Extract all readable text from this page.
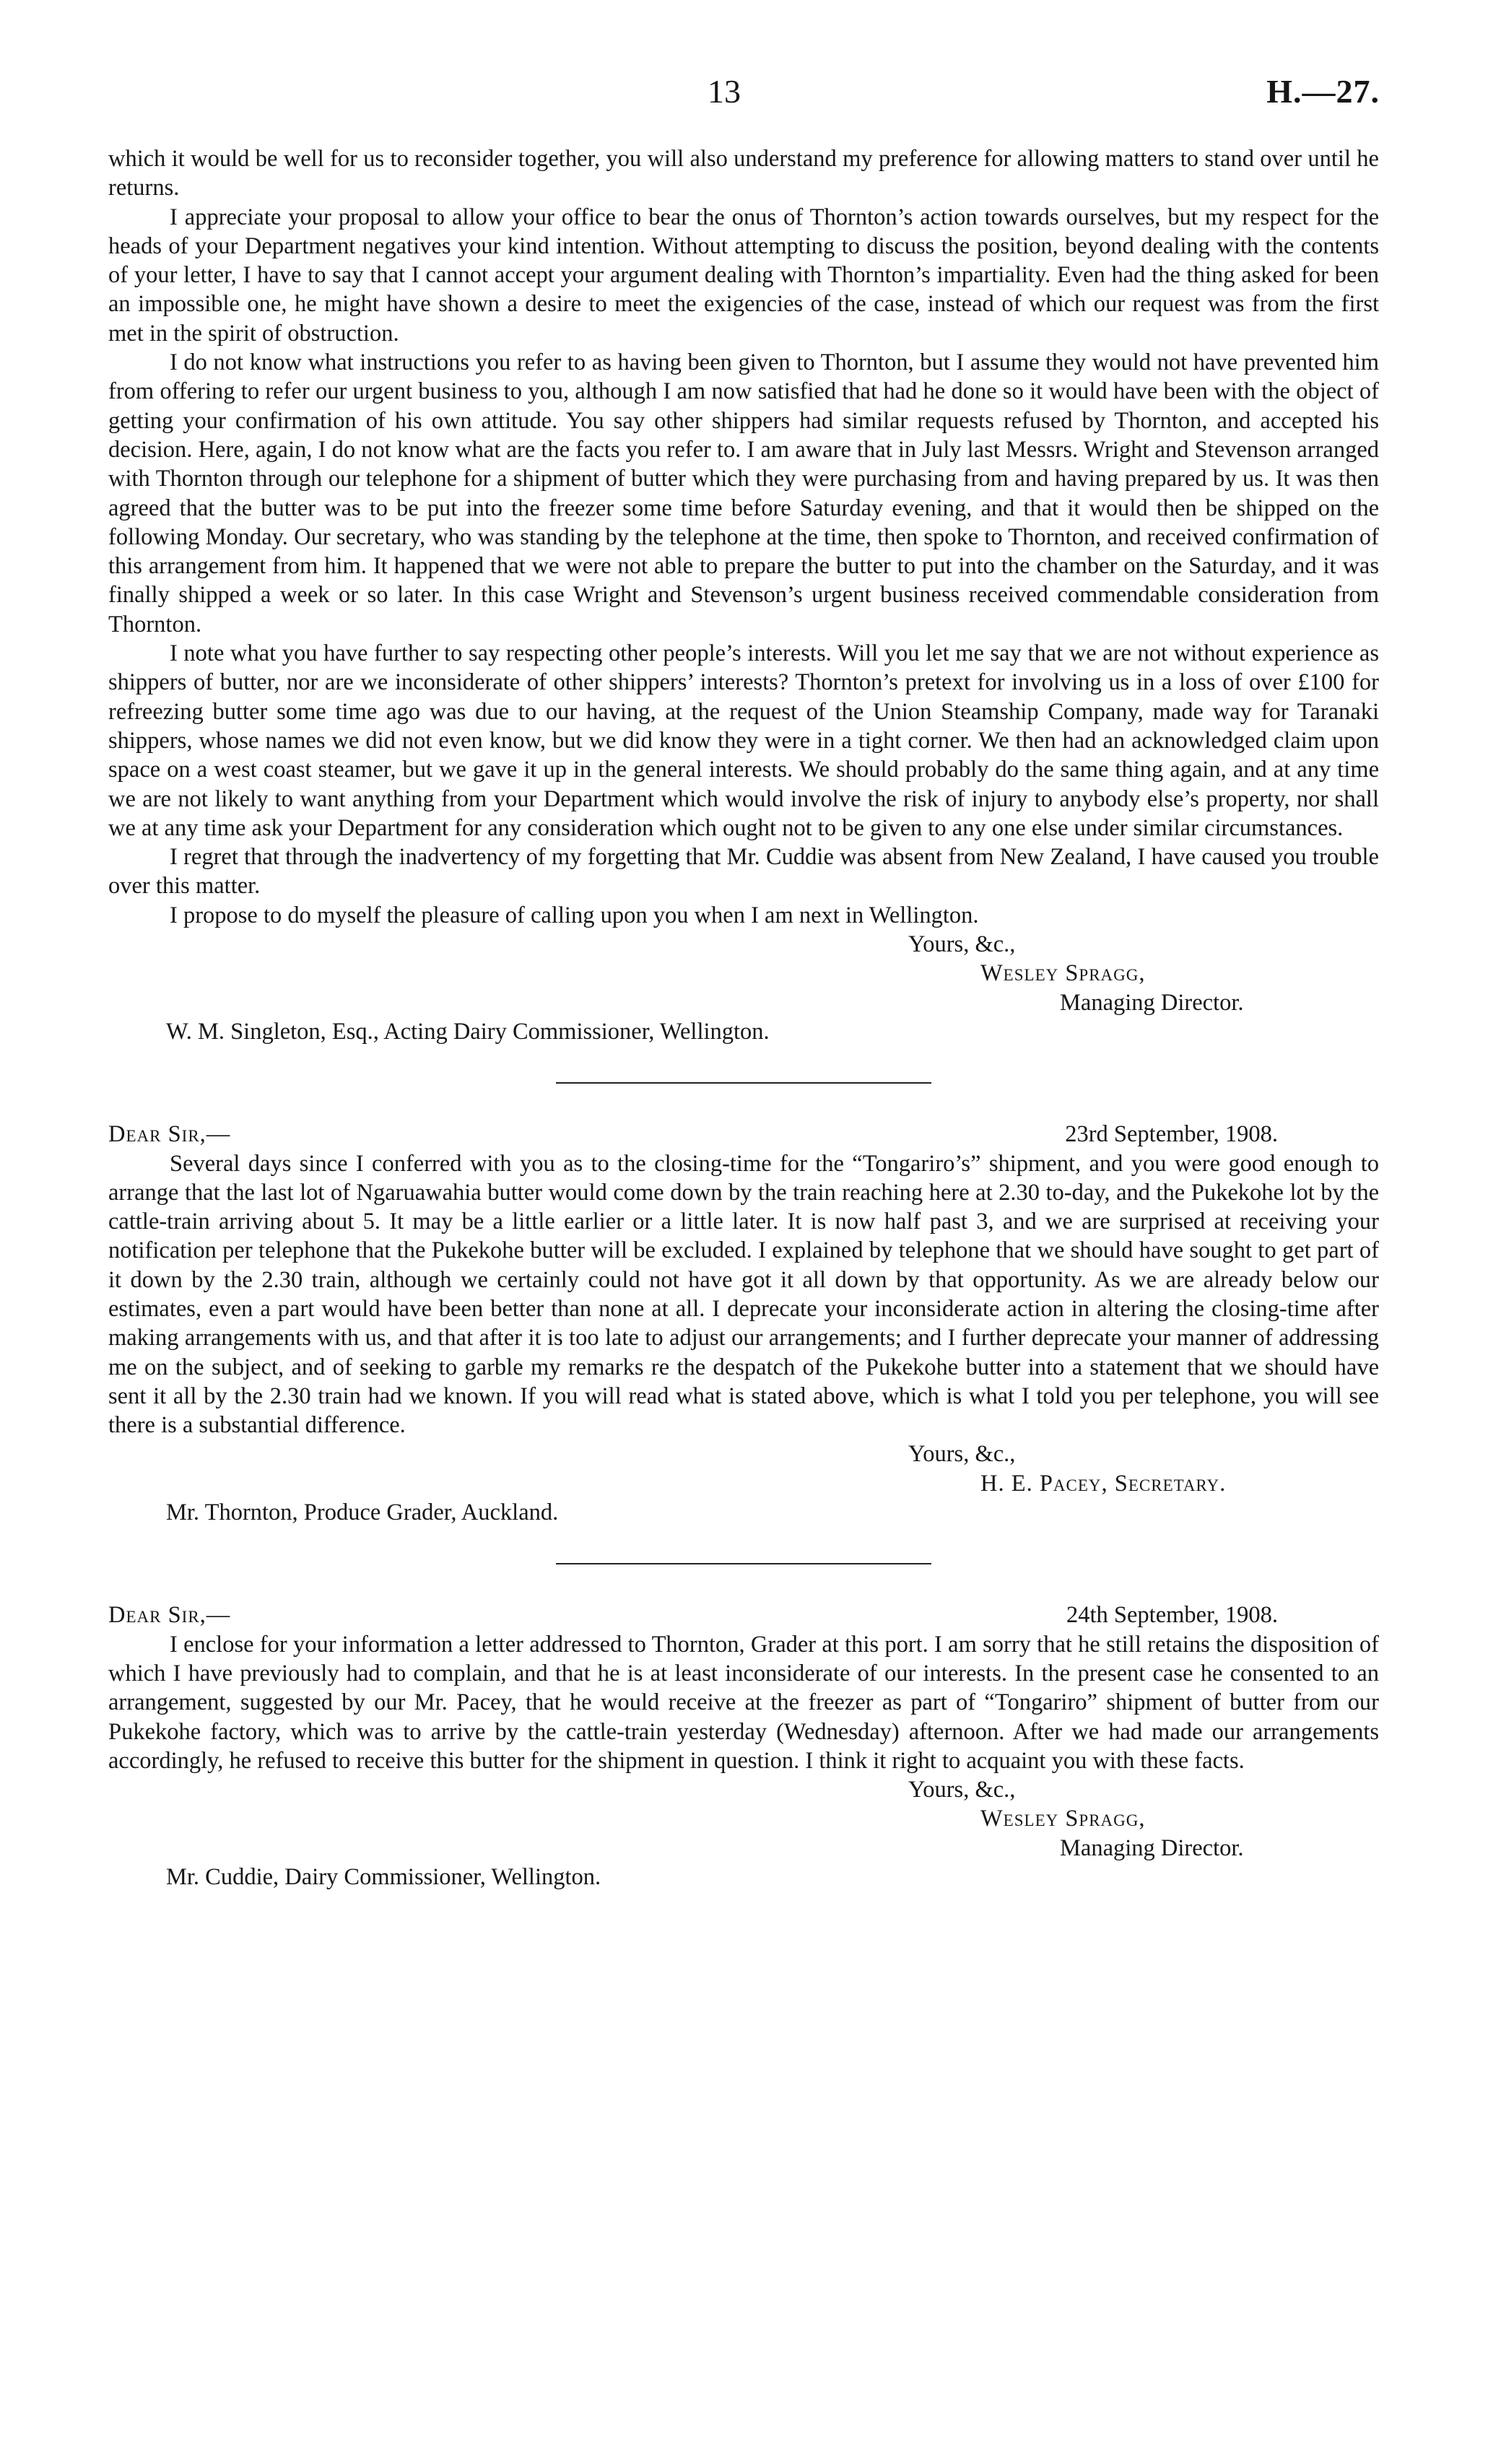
13	H.—27.

which it would be well for us to reconsider together, you will also understand my preference for allowing matters to stand over until he returns.

I appreciate your proposal to allow your office to bear the onus of Thornton’s action towards ourselves, but my respect for the heads of your Department negatives your kind intention. Without attempting to discuss the position, beyond dealing with the contents of your letter, I have to say that I cannot accept your argument dealing with Thornton’s impartiality. Even had the thing asked for been an impossible one, he might have shown a desire to meet the exigencies of the case, instead of which our request was from the first met in the spirit of obstruction.

I do not know what instructions you refer to as having been given to Thornton, but I assume they would not have prevented him from offering to refer our urgent business to you, although I am now satisfied that had he done so it would have been with the object of getting your confirmation of his own attitude. You say other shippers had similar requests refused by Thornton, and accepted his decision. Here, again, I do not know what are the facts you refer to. I am aware that in July last Messrs. Wright and Stevenson arranged with Thornton through our telephone for a shipment of butter which they were purchasing from and having prepared by us. It was then agreed that the butter was to be put into the freezer some time before Saturday evening, and that it would then be shipped on the following Monday. Our secretary, who was standing by the telephone at the time, then spoke to Thornton, and received confirmation of this arrangement from him. It happened that we were not able to prepare the butter to put into the chamber on the Saturday, and it was finally shipped a week or so later. In this case Wright and Stevenson’s urgent business received commendable consideration from Thornton.

I note what you have further to say respecting other people’s interests. Will you let me say that we are not without experience as shippers of butter, nor are we inconsiderate of other shippers’ interests? Thornton’s pretext for involving us in a loss of over £100 for refreezing butter some time ago was due to our having, at the request of the Union Steamship Company, made way for Taranaki shippers, whose names we did not even know, but we did know they were in a tight corner. We then had an acknowledged claim upon space on a west coast steamer, but we gave it up in the general interests. We should probably do the same thing again, and at any time we are not likely to want anything from your Department which would involve the risk of injury to anybody else’s property, nor shall we at any time ask your Department for any consideration which ought not to be given to any one else under similar circumstances.

I regret that through the inadvertency of my forgetting that Mr. Cuddie was absent from New Zealand, I have caused you trouble over this matter.

I propose to do myself the pleasure of calling upon you when I am next in Wellington.

Yours, &c.,

Wesley Spragg,

Managing Director.

W. M. Singleton, Esq., Acting Dairy Commissioner, Wellington.

Dear Sir,—	23rd September, 1908.

Several days since I conferred with you as to the closing-time for the “Tongariro’s” shipment, and you were good enough to arrange that the last lot of Ngaruawahia butter would come down by the train reaching here at 2.30 to-day, and the Pukekohe lot by the cattle-train arriving about 5. It may be a little earlier or a little later. It is now half past 3, and we are surprised at receiving your notification per telephone that the Pukekohe butter will be excluded. I explained by telephone that we should have sought to get part of it down by the 2.30 train, although we certainly could not have got it all down by that opportunity. As we are already below our estimates, even a part would have been better than none at all. I deprecate your inconsiderate action in altering the closing-time after making arrangements with us, and that after it is too late to adjust our arrangements; and I further deprecate your manner of addressing me on the subject, and of seeking to garble my remarks re the despatch of the Pukekohe butter into a statement that we should have sent it all by the 2.30 train had we known. If you will read what is stated above, which is what I told you per telephone, you will see there is a substantial difference.

Yours, &c.,

H. E. Pacey, Secretary.

Mr. Thornton, Produce Grader, Auckland.

Dear Sir,—	24th September, 1908.

I enclose for your information a letter addressed to Thornton, Grader at this port. I am sorry that he still retains the disposition of which I have previously had to complain, and that he is at least inconsiderate of our interests. In the present case he consented to an arrangement, suggested by our Mr. Pacey, that he would receive at the freezer as part of “Tongariro” shipment of butter from our Pukekohe factory, which was to arrive by the cattle-train yesterday (Wednesday) afternoon. After we had made our arrangements accordingly, he refused to receive this butter for the shipment in question. I think it right to acquaint you with these facts.

Yours, &c.,

Wesley Spragg,

Managing Director.

Mr. Cuddie, Dairy Commissioner, Wellington.
